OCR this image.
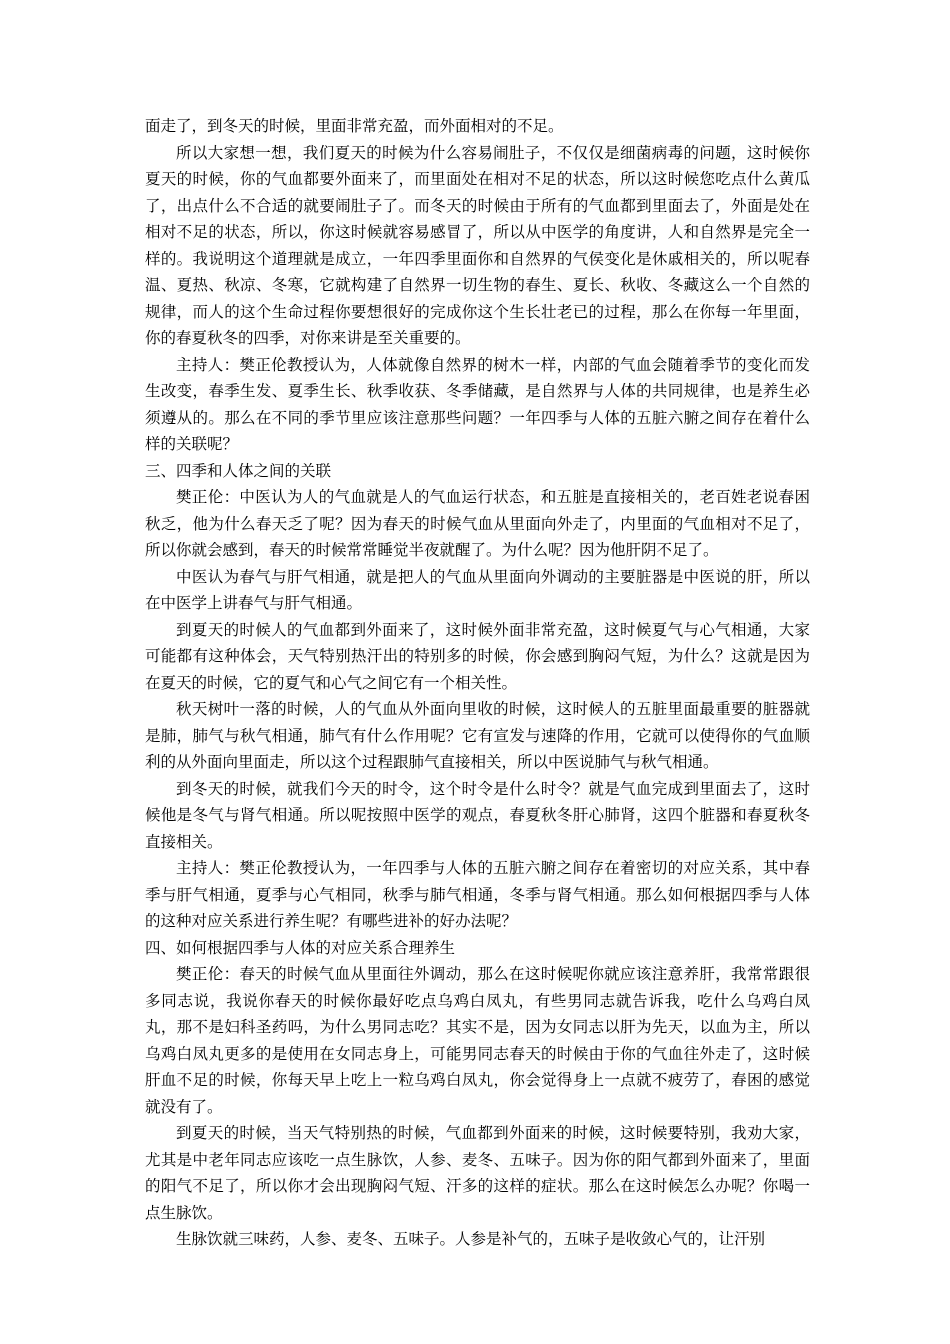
面走了，到冬天的时候，里面非常充盈，而外面相对的不足。

所以大家想一想，我们夏天的时候为什么容易闹肚子，不仅仅是细菌病毒的问题，这时候你夏天的时候，你的气血都要外面来了，而里面处在相对不足的状态，所以这时候您吃点什么黄瓜了，出点什么不合适的就要闹肚子了。而冬天的时候由于所有的气血都到里面去了，外面是处在相对不足的状态，所以，你这时候就容易感冒了，所以从中医学的角度讲，人和自然界是完全一样的。我说明这个道理就是成立，一年四季里面你和自然界的气侯变化是休戚相关的，所以呢春温、夏热、秋凉、冬寒，它就构建了自然界一切生物的春生、夏长、秋收、冬藏这么一个自然的规律，而人的这个生命过程你要想很好的完成你这个生长壮老已的过程，那么在你每一年里面，你的春夏秋冬的四季，对你来讲是至关重要的。

主持人：樊正伦教授认为，人体就像自然界的树木一样，内部的气血会随着季节的变化而发生改变，春季生发、夏季生长、秋季收获、冬季储藏，是自然界与人体的共同规律，也是养生必须遵从的。那么在不同的季节里应该注意那些问题？一年四季与人体的五脏六腑之间存在着什么样的关联呢？

三、四季和人体之间的关联

樊正伦：中医认为人的气血就是人的气血运行状态，和五脏是直接相关的，老百姓老说春困秋乏，他为什么春天乏了呢？因为春天的时候气血从里面向外走了，内里面的气血相对不足了，所以你就会感到，春天的时候常常睡觉半夜就醒了。为什么呢？因为他肝阴不足了。

中医认为春气与肝气相通，就是把人的气血从里面向外调动的主要脏器是中医说的肝，所以在中医学上讲春气与肝气相通。

到夏天的时候人的气血都到外面来了，这时候外面非常充盈，这时候夏气与心气相通，大家可能都有这种体会，天气特别热汗出的特别多的时候，你会感到胸闷气短，为什么？这就是因为在夏天的时候，它的夏气和心气之间它有一个相关性。

秋天树叶一落的时候，人的气血从外面向里收的时候，这时候人的五脏里面最重要的脏器就是肺，肺气与秋气相通，肺气有什么作用呢？它有宣发与速降的作用，它就可以使得你的气血顺利的从外面向里面走，所以这个过程跟肺气直接相关，所以中医说肺气与秋气相通。

到冬天的时候，就我们今天的时令，这个时令是什么时令？就是气血完成到里面去了，这时候他是冬气与肾气相通。所以呢按照中医学的观点，春夏秋冬肝心肺肾，这四个脏器和春夏秋冬直接相关。

主持人：樊正伦教授认为，一年四季与人体的五脏六腑之间存在着密切的对应关系，其中春季与肝气相通，夏季与心气相同，秋季与肺气相通，冬季与肾气相通。那么如何根据四季与人体的这种对应关系进行养生呢？有哪些进补的好办法呢？

四、如何根据四季与人体的对应关系合理养生

樊正伦：春天的时候气血从里面往外调动，那么在这时候呢你就应该注意养肝，我常常跟很多同志说，我说你春天的时候你最好吃点乌鸡白凤丸，有些男同志就告诉我，吃什么乌鸡白凤丸，那不是妇科圣药吗，为什么男同志吃？其实不是，因为女同志以肝为先天，以血为主，所以乌鸡白凤丸更多的是使用在女同志身上，可能男同志春天的时候由于你的气血往外走了，这时候肝血不足的时候，你每天早上吃上一粒乌鸡白凤丸，你会觉得身上一点就不疲劳了，春困的感觉就没有了。

到夏天的时候，当天气特别热的时候，气血都到外面来的时候，这时候要特别，我劝大家，尤其是中老年同志应该吃一点生脉饮，人参、麦冬、五味子。因为你的阳气都到外面来了，里面的阳气不足了，所以你才会出现胸闷气短、汗多的这样的症状。那么在这时候怎么办呢？你喝一点生脉饮。

生脉饮就三味药，人参、麦冬、五味子。人参是补气的，五味子是收敛心气的，让汗别
